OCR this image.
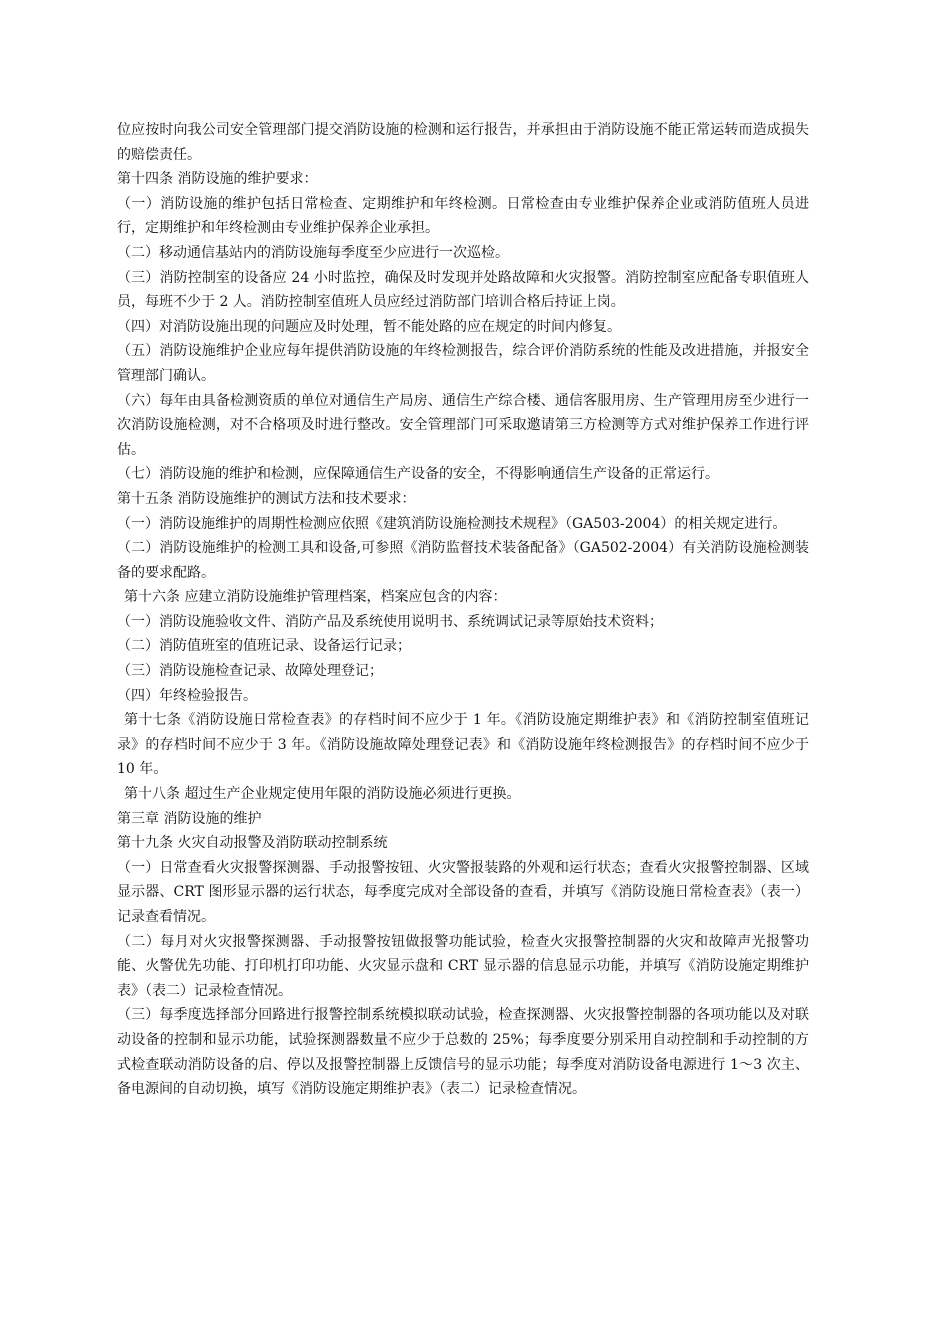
位应按时向我公司安全管理部门提交消防设施的检测和运行报告，并承担由于消防设施不能正常运转而造成损失的赔偿责任。

第十四条 消防设施的维护要求：

（一）消防设施的维护包括日常检查、定期维护和年终检测。日常检查由专业维护保养企业或消防值班人员进行，定期维护和年终检测由专业维护保养企业承担。

（二）移动通信基站内的消防设施每季度至少应进行一次巡检。

（三）消防控制室的设备应 24 小时监控，确保及时发现并处路故障和火灾报警。消防控制室应配备专职值班人员，每班不少于 2 人。消防控制室值班人员应经过消防部门培训合格后持证上岗。

（四）对消防设施出现的问题应及时处理，暂不能处路的应在规定的时间内修复。

（五）消防设施维护企业应每年提供消防设施的年终检测报告，综合评价消防系统的性能及改进措施，并报安全管理部门确认。

（六）每年由具备检测资质的单位对通信生产局房、通信生产综合楼、通信客服用房、生产管理用房至少进行一次消防设施检测，对不合格项及时进行整改。安全管理部门可采取邀请第三方检测等方式对维护保养工作进行评估。

（七）消防设施的维护和检测，应保障通信生产设备的安全，不得影响通信生产设备的正常运行。

第十五条 消防设施维护的测试方法和技术要求：

（一）消防设施维护的周期性检测应依照《建筑消防设施检测技术规程》（GA503-2004）的相关规定进行。

（二）消防设施维护的检测工具和设备,可参照《消防监督技术装备配备》（GA502-2004）有关消防设施检测装备的要求配路。

第十六条 应建立消防设施维护管理档案，档案应包含的内容：

（一）消防设施验收文件、消防产品及系统使用说明书、系统调试记录等原始技术资料；

（二）消防值班室的值班记录、设备运行记录；

（三）消防设施检查记录、故障处理登记；

（四）年终检验报告。

第十七条《消防设施日常检查表》的存档时间不应少于 1 年。《消防设施定期维护表》和《消防控制室值班记录》的存档时间不应少于 3 年。《消防设施故障处理登记表》和《消防设施年终检测报告》的存档时间不应少于 10 年。

第十八条 超过生产企业规定使用年限的消防设施必须进行更换。

第三章 消防设施的维护

第十九条 火灾自动报警及消防联动控制系统

（一）日常查看火灾报警探测器、手动报警按钮、火灾警报装路的外观和运行状态；查看火灾报警控制器、区域显示器、CRT 图形显示器的运行状态，每季度完成对全部设备的查看，并填写《消防设施日常检查表》（表一）记录查看情况。

（二）每月对火灾报警探测器、手动报警按钮做报警功能试验，检查火灾报警控制器的火灾和故障声光报警功能、火警优先功能、打印机打印功能、火灾显示盘和 CRT 显示器的信息显示功能，并填写《消防设施定期维护表》（表二）记录检查情况。

（三）每季度选择部分回路进行报警控制系统模拟联动试验，检查探测器、火灾报警控制器的各项功能以及对联动设备的控制和显示功能，试验探测器数量不应少于总数的 25%；每季度要分别采用自动控制和手动控制的方式检查联动消防设备的启、停以及报警控制器上反馈信号的显示功能；每季度对消防设备电源进行 1～3 次主、备电源间的自动切换，填写《消防设施定期维护表》（表二）记录检查情况。
